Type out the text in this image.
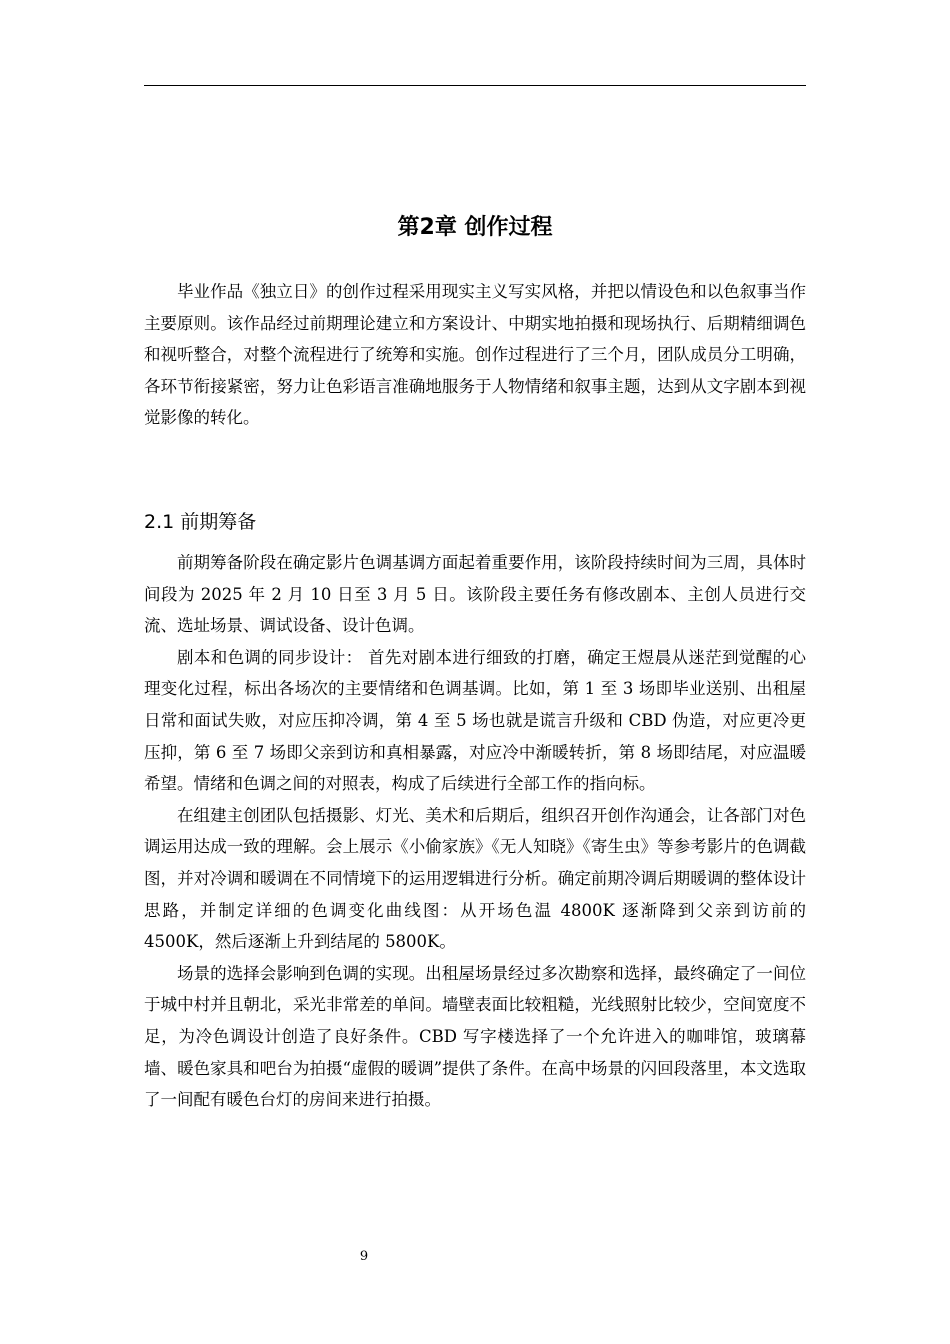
第2章 创作过程

毕业作品《独立日》的创作过程采用现实主义写实风格，并把以情设色和以色叙事当作主要原则。该作品经过前期理论建立和方案设计、中期实地拍摄和现场执行、后期精细调色和视听整合，对整个流程进行了统筹和实施。创作过程进行了三个月，团队成员分工明确，各环节衔接紧密，努力让色彩语言准确地服务于人物情绪和叙事主题，达到从文字剧本到视觉影像的转化。

2.1 前期筹备

前期筹备阶段在确定影片色调基调方面起着重要作用，该阶段持续时间为三周，具体时间段为 2025 年 2 月 10 日至 3 月 5 日。该阶段主要任务有修改剧本、主创人员进行交流、选址场景、调试设备、设计色调。

剧本和色调的同步设计： 首先对剧本进行细致的打磨，确定王煜晨从迷茫到觉醒的心理变化过程，标出各场次的主要情绪和色调基调。比如，第 1 至 3 场即毕业送别、出租屋日常和面试失败，对应压抑冷调，第 4 至 5 场也就是谎言升级和 CBD 伪造，对应更冷更压抑，第 6 至 7 场即父亲到访和真相暴露，对应冷中渐暖转折，第 8 场即结尾，对应温暖希望。情绪和色调之间的对照表，构成了后续进行全部工作的指向标。

在组建主创团队包括摄影、灯光、美术和后期后，组织召开创作沟通会，让各部门对色调运用达成一致的理解。会上展示《小偷家族》《无人知晓》《寄生虫》等参考影片的色调截图，并对冷调和暖调在不同情境下的运用逻辑进行分析。确定前期冷调后期暖调的整体设计思路，并制定详细的色调变化曲线图：从开场色温 4800K 逐渐降到父亲到访前的 4500K，然后逐渐上升到结尾的 5800K。

场景的选择会影响到色调的实现。出租屋场景经过多次勘察和选择，最终确定了一间位于城中村并且朝北，采光非常差的单间。墙壁表面比较粗糙，光线照射比较少，空间宽度不足，为冷色调设计创造了良好条件。CBD 写字楼选择了一个允许进入的咖啡馆，玻璃幕墙、暖色家具和吧台为拍摄“虚假的暖调”提供了条件。在高中场景的闪回段落里，本文选取了一间配有暖色台灯的房间来进行拍摄。

9
